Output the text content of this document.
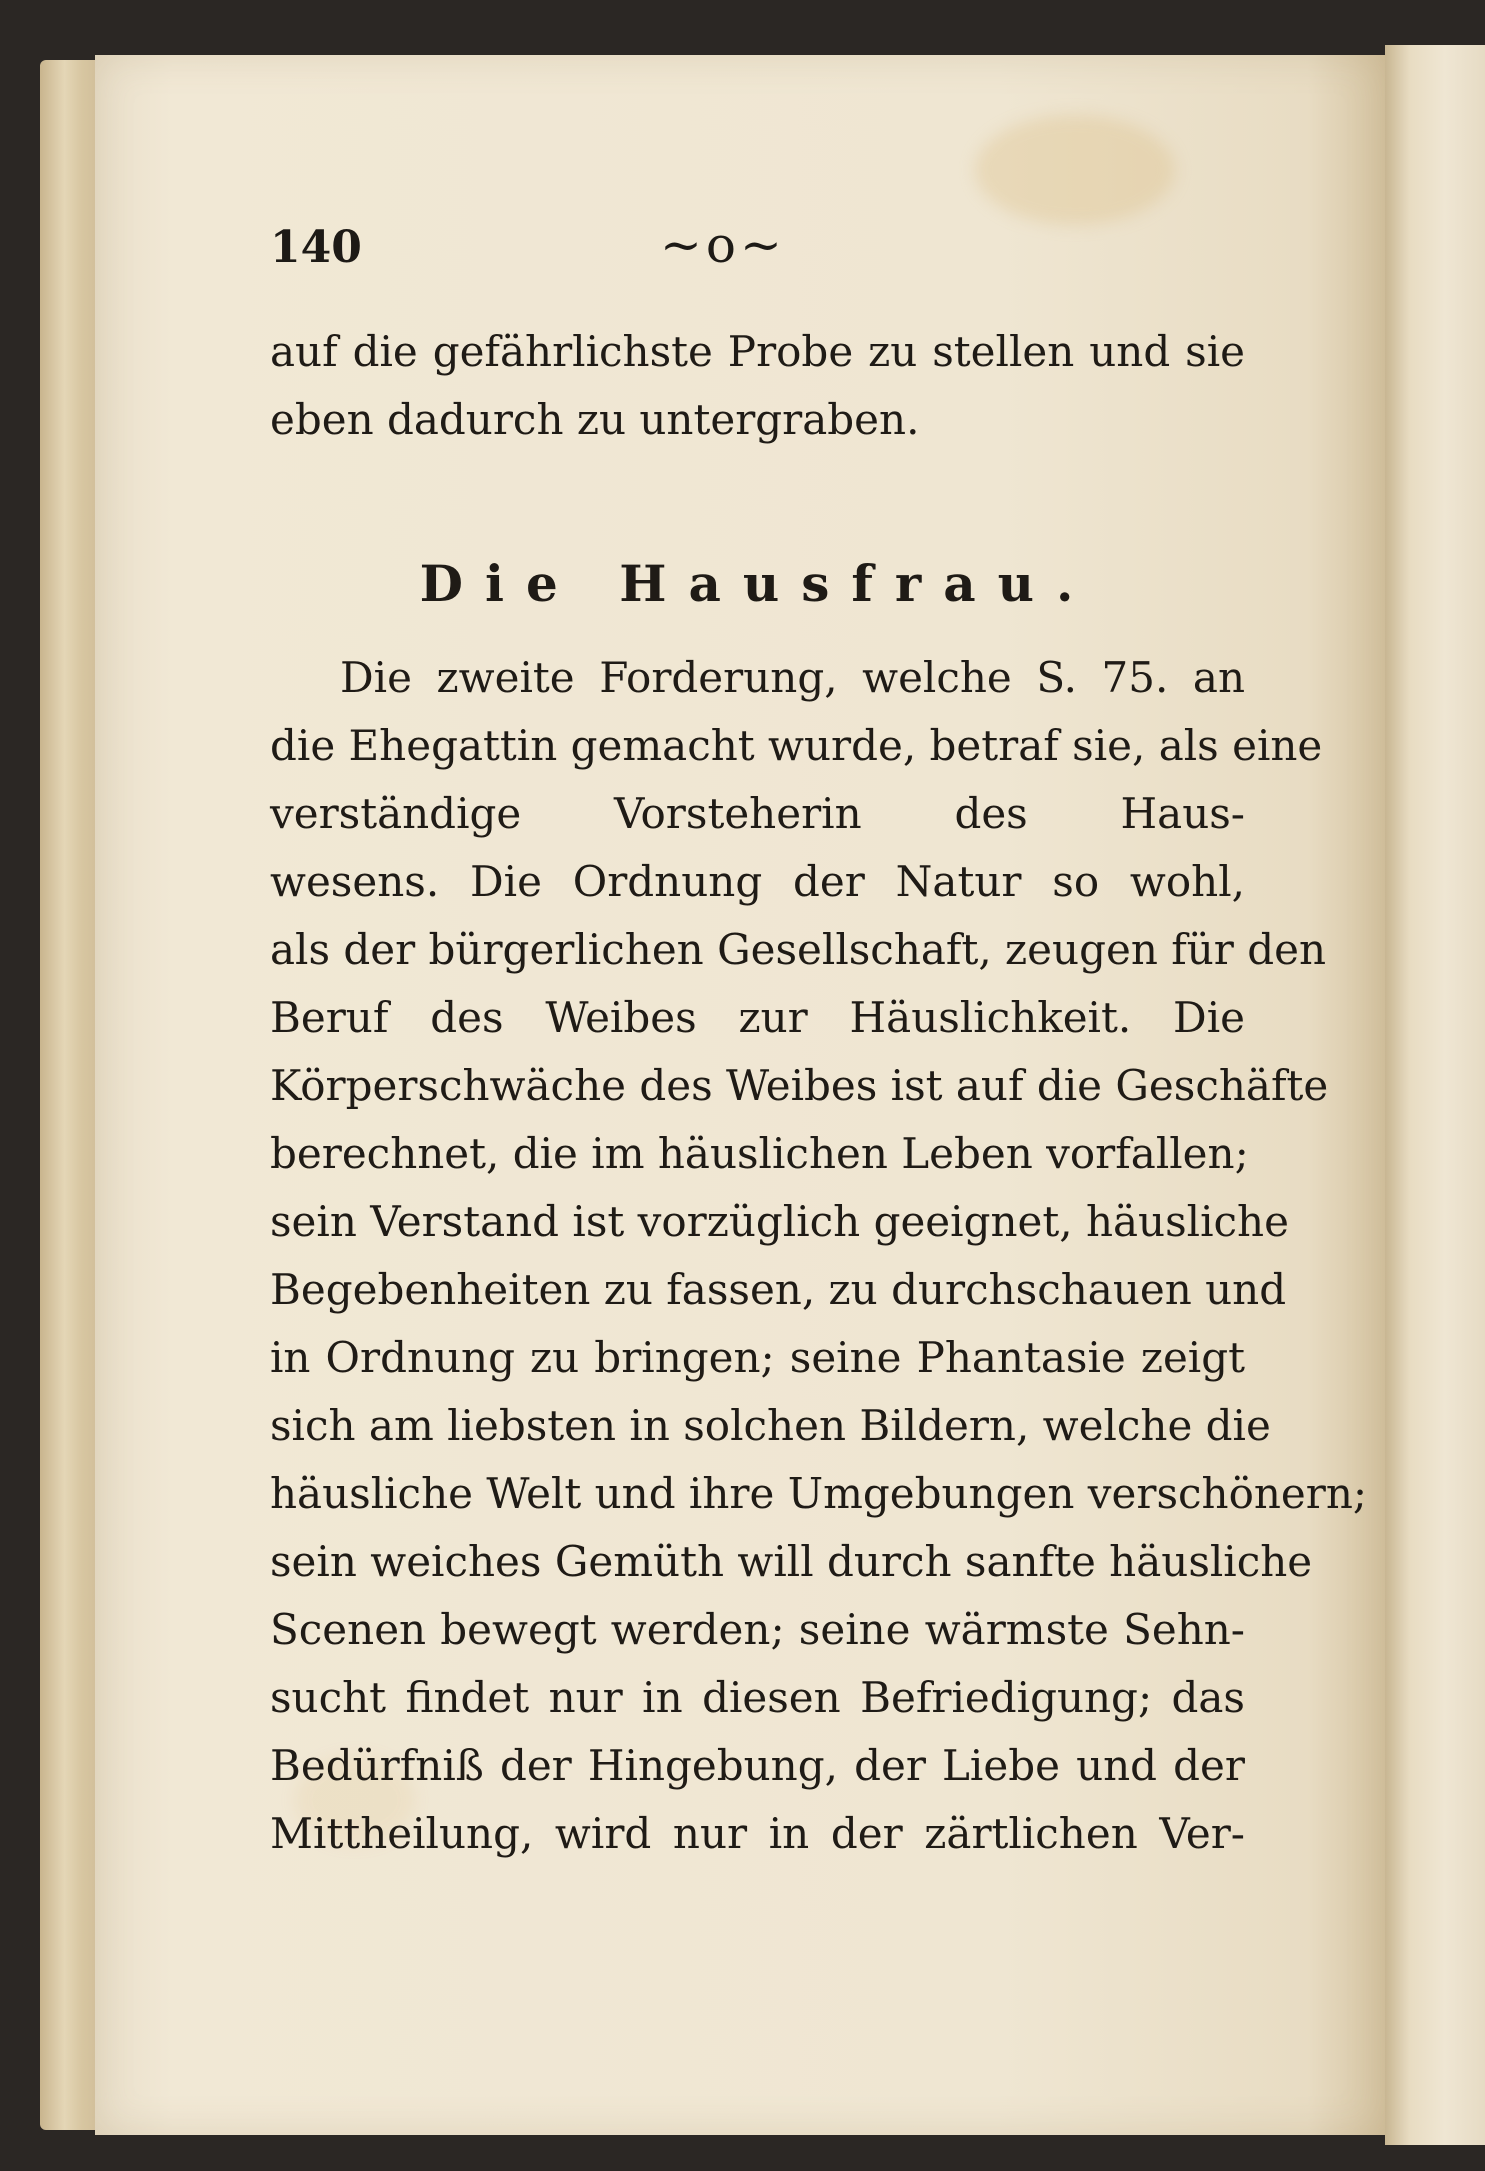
140	~o~
auf die gefährlichste Probe zu stellen und sie
eben dadurch zu untergraben.
Die Hausfrau.
Die zweite Forderung, welche S. 75. an
die Ehegattin gemacht wurde, betraf sie, als eine
verständige Vorsteherin des Haus-
wesens. Die Ordnung der Natur so wohl,
als der bürgerlichen Gesellschaft, zeugen für den
Beruf des Weibes zur Häuslichkeit. Die
Körperschwäche des Weibes ist auf die Geschäfte
berechnet, die im häuslichen Leben vorfallen;
sein Verstand ist vorzüglich geeignet, häusliche
Begebenheiten zu fassen, zu durchschauen und
in Ordnung zu bringen; seine Phantasie zeigt
sich am liebsten in solchen Bildern, welche die
häusliche Welt und ihre Umgebungen verschönern;
sein weiches Gemüth will durch sanfte häusliche
Scenen bewegt werden; seine wärmste Sehn-
sucht findet nur in diesen Befriedigung; das
Bedürfniß der Hingebung, der Liebe und der
Mittheilung, wird nur in der zärtlichen Ver-
